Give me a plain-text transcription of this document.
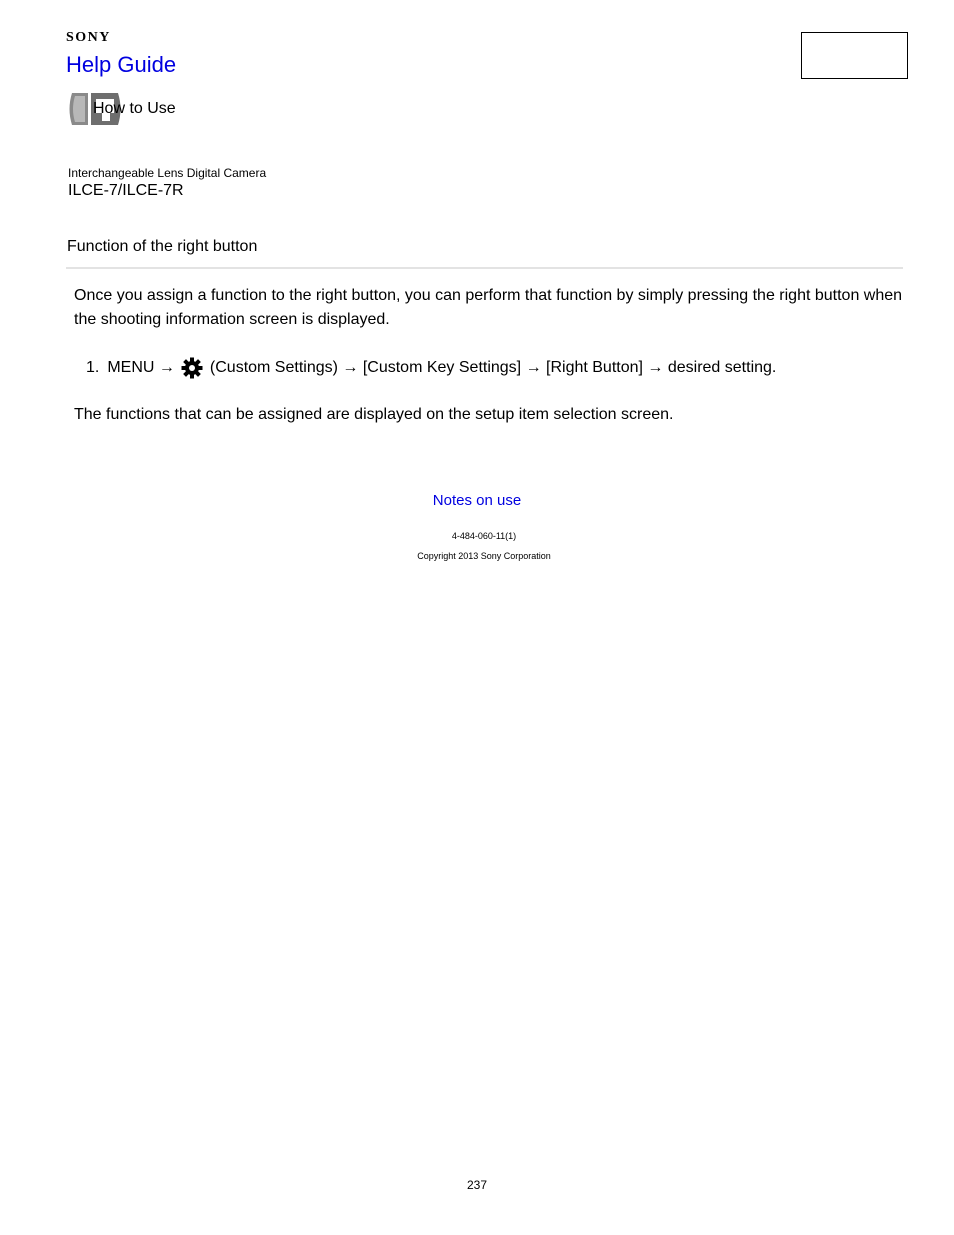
SONY
Help Guide
How to Use
Interchangeable Lens Digital Camera
ILCE-7/ILCE-7R
Function of the right button
Once you assign a function to the right button, you can perform that function by simply pressing the right button when the shooting information screen is displayed.
1. MENU → (Custom Settings) → [Custom Key Settings] → [Right Button] → desired setting.
The functions that can be assigned are displayed on the setup item selection screen.
Notes on use
4-484-060-11(1)
Copyright 2013 Sony Corporation
237
